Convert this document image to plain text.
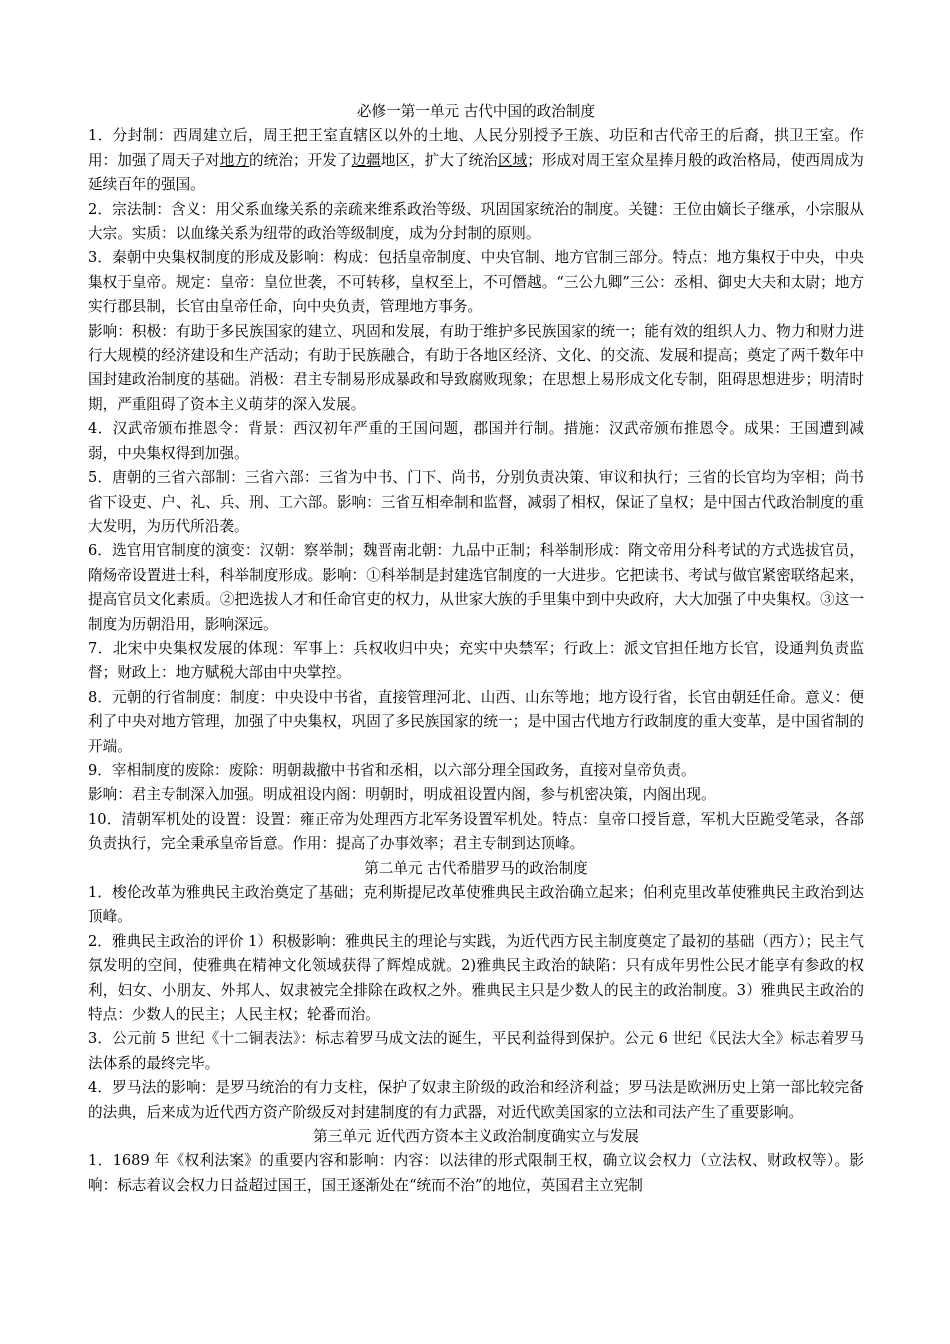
必修一第一单元 古代中国的政治制度

1．分封制：西周建立后，周王把王室直辖区以外的土地、人民分别授予王族、功臣和古代帝王的后裔，拱卫王室。作用：加强了周天子对地方的统治；开发了边疆地区，扩大了统治区域；形成对周王室众星捧月般的政治格局，使西周成为延续百年的强国。

2．宗法制：含义：用父系血缘关系的亲疏来维系政治等级、巩固国家统治的制度。关键：王位由嫡长子继承，小宗服从大宗。实质：以血缘关系为纽带的政治等级制度，成为分封制的原则。

3．秦朝中央集权制度的形成及影响：构成：包括皇帝制度、中央官制、地方官制三部分。特点：地方集权于中央，中央集权于皇帝。规定：皇帝：皇位世袭，不可转移，皇权至上，不可僭越。“三公九卿”三公：丞相、御史大夫和太尉；地方实行郡县制，长官由皇帝任命，向中央负责，管理地方事务。

影响：积极：有助于多民族国家的建立、巩固和发展，有助于维护多民族国家的统一；能有效的组织人力、物力和财力进行大规模的经济建设和生产活动；有助于民族融合，有助于各地区经济、文化、的交流、发展和提高；奠定了两千数年中国封建政治制度的基础。消极：君主专制易形成暴政和导致腐败现象；在思想上易形成文化专制，阻碍思想进步；明清时期，严重阻碍了资本主义萌芽的深入发展。

4．汉武帝颁布推恩令：背景：西汉初年严重的王国问题，郡国并行制。措施：汉武帝颁布推恩令。成果：王国遭到减弱，中央集权得到加强。

5．唐朝的三省六部制：三省六部：三省为中书、门下、尚书，分别负责决策、审议和执行；三省的长官均为宰相；尚书省下设吏、户、礼、兵、刑、工六部。影响：三省互相牵制和监督，减弱了相权，保证了皇权；是中国古代政治制度的重大发明，为历代所沿袭。

6．选官用官制度的演变：汉朝：察举制；魏晋南北朝：九品中正制；科举制形成：隋文帝用分科考试的方式选拔官员，隋炀帝设置进士科，科举制度形成。影响：①科举制是封建选官制度的一大进步。它把读书、考试与做官紧密联络起来，提高官员文化素质。②把选拔人才和任命官吏的权力，从世家大族的手里集中到中央政府，大大加强了中央集权。③这一制度为历朝沿用，影响深远。

7．北宋中央集权发展的体现：军事上：兵权收归中央；充实中央禁军；行政上：派文官担任地方长官，设通判负责监督；财政上：地方赋税大部由中央掌控。

8．元朝的行省制度：制度：中央设中书省，直接管理河北、山西、山东等地；地方设行省，长官由朝廷任命。意义：便利了中央对地方管理，加强了中央集权，巩固了多民族国家的统一；是中国古代地方行政制度的重大变革，是中国省制的开端。

9．宰相制度的废除：废除：明朝裁撤中书省和丞相，以六部分理全国政务，直接对皇帝负责。

影响：君主专制深入加强。明成祖设内阁：明朝时，明成祖设置内阁，参与机密决策，内阁出现。

10．清朝军机处的设置：设置：雍正帝为处理西方北军务设置军机处。特点：皇帝口授旨意，军机大臣跪受笔录，各部负责执行，完全秉承皇帝旨意。作用：提高了办事效率；君主专制到达顶峰。

第二单元 古代希腊罗马的政治制度

1．梭伦改革为雅典民主政治奠定了基础；克利斯提尼改革使雅典民主政治确立起来；伯利克里改革使雅典民主政治到达顶峰。

2．雅典民主政治的评价 1）积极影响：雅典民主的理论与实践，为近代西方民主制度奠定了最初的基础（西方）；民主气氛发明的空间，使雅典在精神文化领域获得了辉煌成就。2)雅典民主政治的缺陷：只有成年男性公民才能享有参政的权利，妇女、小朋友、外邦人、奴隶被完全排除在政权之外。雅典民主只是少数人的民主的政治制度。3）雅典民主政治的特点：少数人的民主；人民主权；轮番而治。

3．公元前 5 世纪《十二铜表法》：标志着罗马成文法的诞生，平民利益得到保护。公元 6 世纪《民法大全》标志着罗马法体系的最终完毕。

4．罗马法的影响：是罗马统治的有力支柱，保护了奴隶主阶级的政治和经济利益；罗马法是欧洲历史上第一部比较完备的法典，后来成为近代西方资产阶级反对封建制度的有力武器，对近代欧美国家的立法和司法产生了重要影响。

第三单元 近代西方资本主义政治制度确实立与发展

1．1689 年《权利法案》的重要内容和影响：内容：以法律的形式限制王权，确立议会权力（立法权、财政权等）。影响：标志着议会权力日益超过国王，国王逐渐处在“统而不治”的地位，英国君主立宪制
